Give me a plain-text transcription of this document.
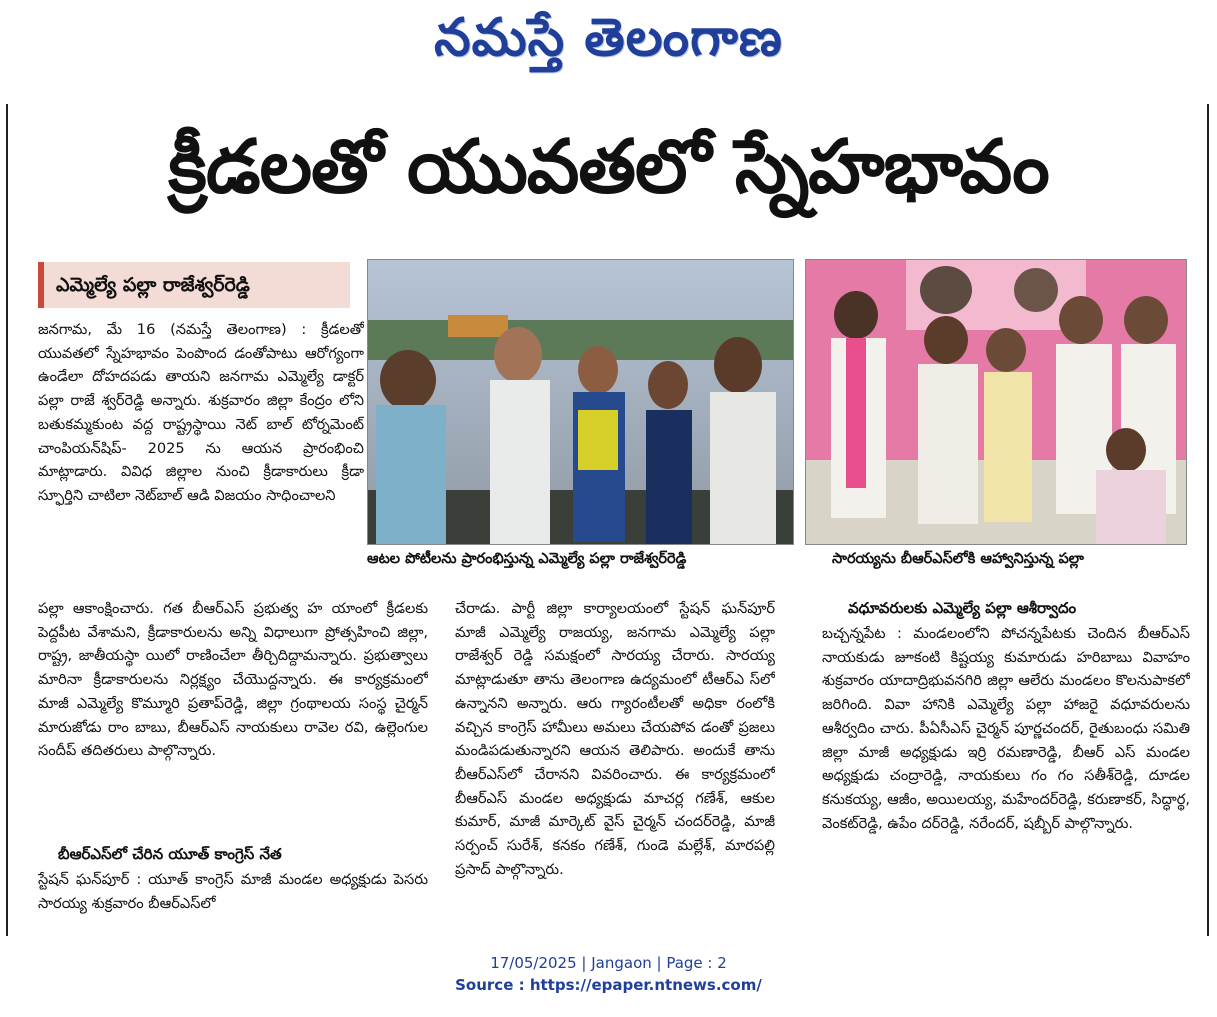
నమస్తే తెలంగాణ
క్రీడలతో యువతలో స్నేహభావం
ఎమ్మెల్యే పల్లా రాజేశ్వర్‌రెడ్డి
జనగామ, మే 16 (నమస్తే తెలంగాణ) : క్రీడలతో యువతలో స్నేహభావం పెంపొంద డంతోపాటు ఆరోగ్యంగా ఉండేలా దోహదపడు తాయని జనగామ ఎమ్మెల్యే డాక్టర్ పల్లా రాజే శ్వర్‌రెడ్డి అన్నారు. శుక్రవారం జిల్లా కేంద్రం లోని బతుకమ్మకుంట వద్ద రాష్ట్రస్థాయి నెట్ బాల్ టోర్నమెంట్ చాంపియన్‌షిప్- 2025 ను ఆయన ప్రారంభించి మాట్లాడారు. వివిధ జిల్లాల నుంచి క్రీడాకారులు క్రీడా స్ఫూర్తిని చాటిలా నెట్‌బాల్ ఆడి విజయం సాధించాలని
ఆటల పోటీలను ప్రారంభిస్తున్న ఎమ్మెల్యే పల్లా రాజేశ్వర్‌రెడ్డి	సారయ్యను బీఆర్‌ఎస్‌లోకి ఆహ్వానిస్తున్న పల్లా
పల్లా ఆకాంక్షించారు. గత బీఆర్‌ఎస్ ప్రభుత్వ హ యాంలో క్రీడలకు పెద్దపీట వేశామని, క్రీడాకారులను అన్ని విధాలుగా ప్రోత్సహించి జిల్లా, రాష్ట్ర, జాతీయస్థా యిలో రాణించేలా తీర్చిదిద్దామన్నారు. ప్రభుత్వాలు మారినా క్రీడాకారులను నిర్లక్ష్యం చేయొద్దన్నారు. ఈ కార్యక్రమంలో మాజీ ఎమ్మెల్యే కొమ్మూరి ప్రతాప్‌రెడ్డి, జిల్లా గ్రంథాలయ సంస్థ చైర్మన్ మారుజోడు రాం బాబు, బీఆర్‌ఎస్ నాయకులు రావెల రవి, ఉల్లెంగుల సందీప్ తదితరులు పాల్గొన్నారు.
బీఆర్‌ఎస్‌లో చేరిన యూత్ కాంగ్రెస్ నేత
స్టేషన్ ఘన్‌పూర్ : యూత్ కాంగ్రెస్ మాజీ మండల అధ్యక్షుడు పెసరు సారయ్య శుక్రవారం బీఆర్‌ఎస్‌లో
చేరాడు. పార్టీ జిల్లా కార్యాలయంలో స్టేషన్ ఘన్‌పూర్ మాజీ ఎమ్మెల్యే రాజయ్య, జనగామ ఎమ్మెల్యే పల్లా రాజేశ్వర్ రెడ్డి సమక్షంలో సారయ్య చేరారు. సారయ్య మాట్లాడుతూ తాను తెలంగాణ ఉద్యమంలో టీఆర్‌ఎ స్‌లో ఉన్నానని అన్నారు. ఆరు గ్యారంటీలతో అధికా రంలోకి వచ్చిన కాంగ్రెస్ హామీలు అమలు చేయపోవ డంతో ప్రజలు మండిపడుతున్నారని ఆయన తెలిపారు. అందుకే తాను బీఆర్‌ఎస్‌లో చేరానని వివరించారు. ఈ కార్యక్రమంలో బీఆర్‌ఎస్ మండల అధ్యక్షుడు మాచర్ల గణేశ్, ఆకుల కుమార్, మాజీ మార్కెట్ వైస్ చైర్మన్ చందర్‌రెడ్డి, మాజీ సర్పంచ్ సురేశ్, కనకం గణేశ్, గుండె మల్లేశ్, మారపల్లి ప్రసాద్ పాల్గొన్నారు.
వధూవరులకు ఎమ్మెల్యే పల్లా ఆశీర్వాదం
బచ్చన్నపేట : మండలంలోని పోచన్నపేటకు చెందిన బీఆర్‌ఎస్ నాయకుడు జూకంటి కిష్టయ్య కుమారుడు హరిబాబు వివాహం శుక్రవారం యాదాద్రిభువనగిరి జిల్లా ఆలేరు మండలం కొలనుపాకలో జరిగింది. వివా హానికి ఎమ్మెల్యే పల్లా హాజరై వధూవరులను ఆశీర్వదిం చారు. పీఏసీఎస్ చైర్మన్ పూర్ణచందర్, రైతుబంధు సమితి జిల్లా మాజీ అధ్యక్షుడు ఇర్రి రమణారెడ్డి, బీఆర్ ఎస్ మండల అధ్యక్షుడు చంద్రారెడ్డి, నాయకులు గం గం సతీశ్‌రెడ్డి, దూడల కనుకయ్య, ఆజీం, అయిలయ్య, మహేందర్‌రెడ్డి, కరుణాకర్, సిద్ధార్థ, వెంకట్‌రెడ్డి, ఉపేం దర్‌రెడ్డి, నరేందర్, షబ్బీర్ పాల్గొన్నారు.
17/05/2025 | Jangaon | Page : 2
Source : https://epaper.ntnews.com/
